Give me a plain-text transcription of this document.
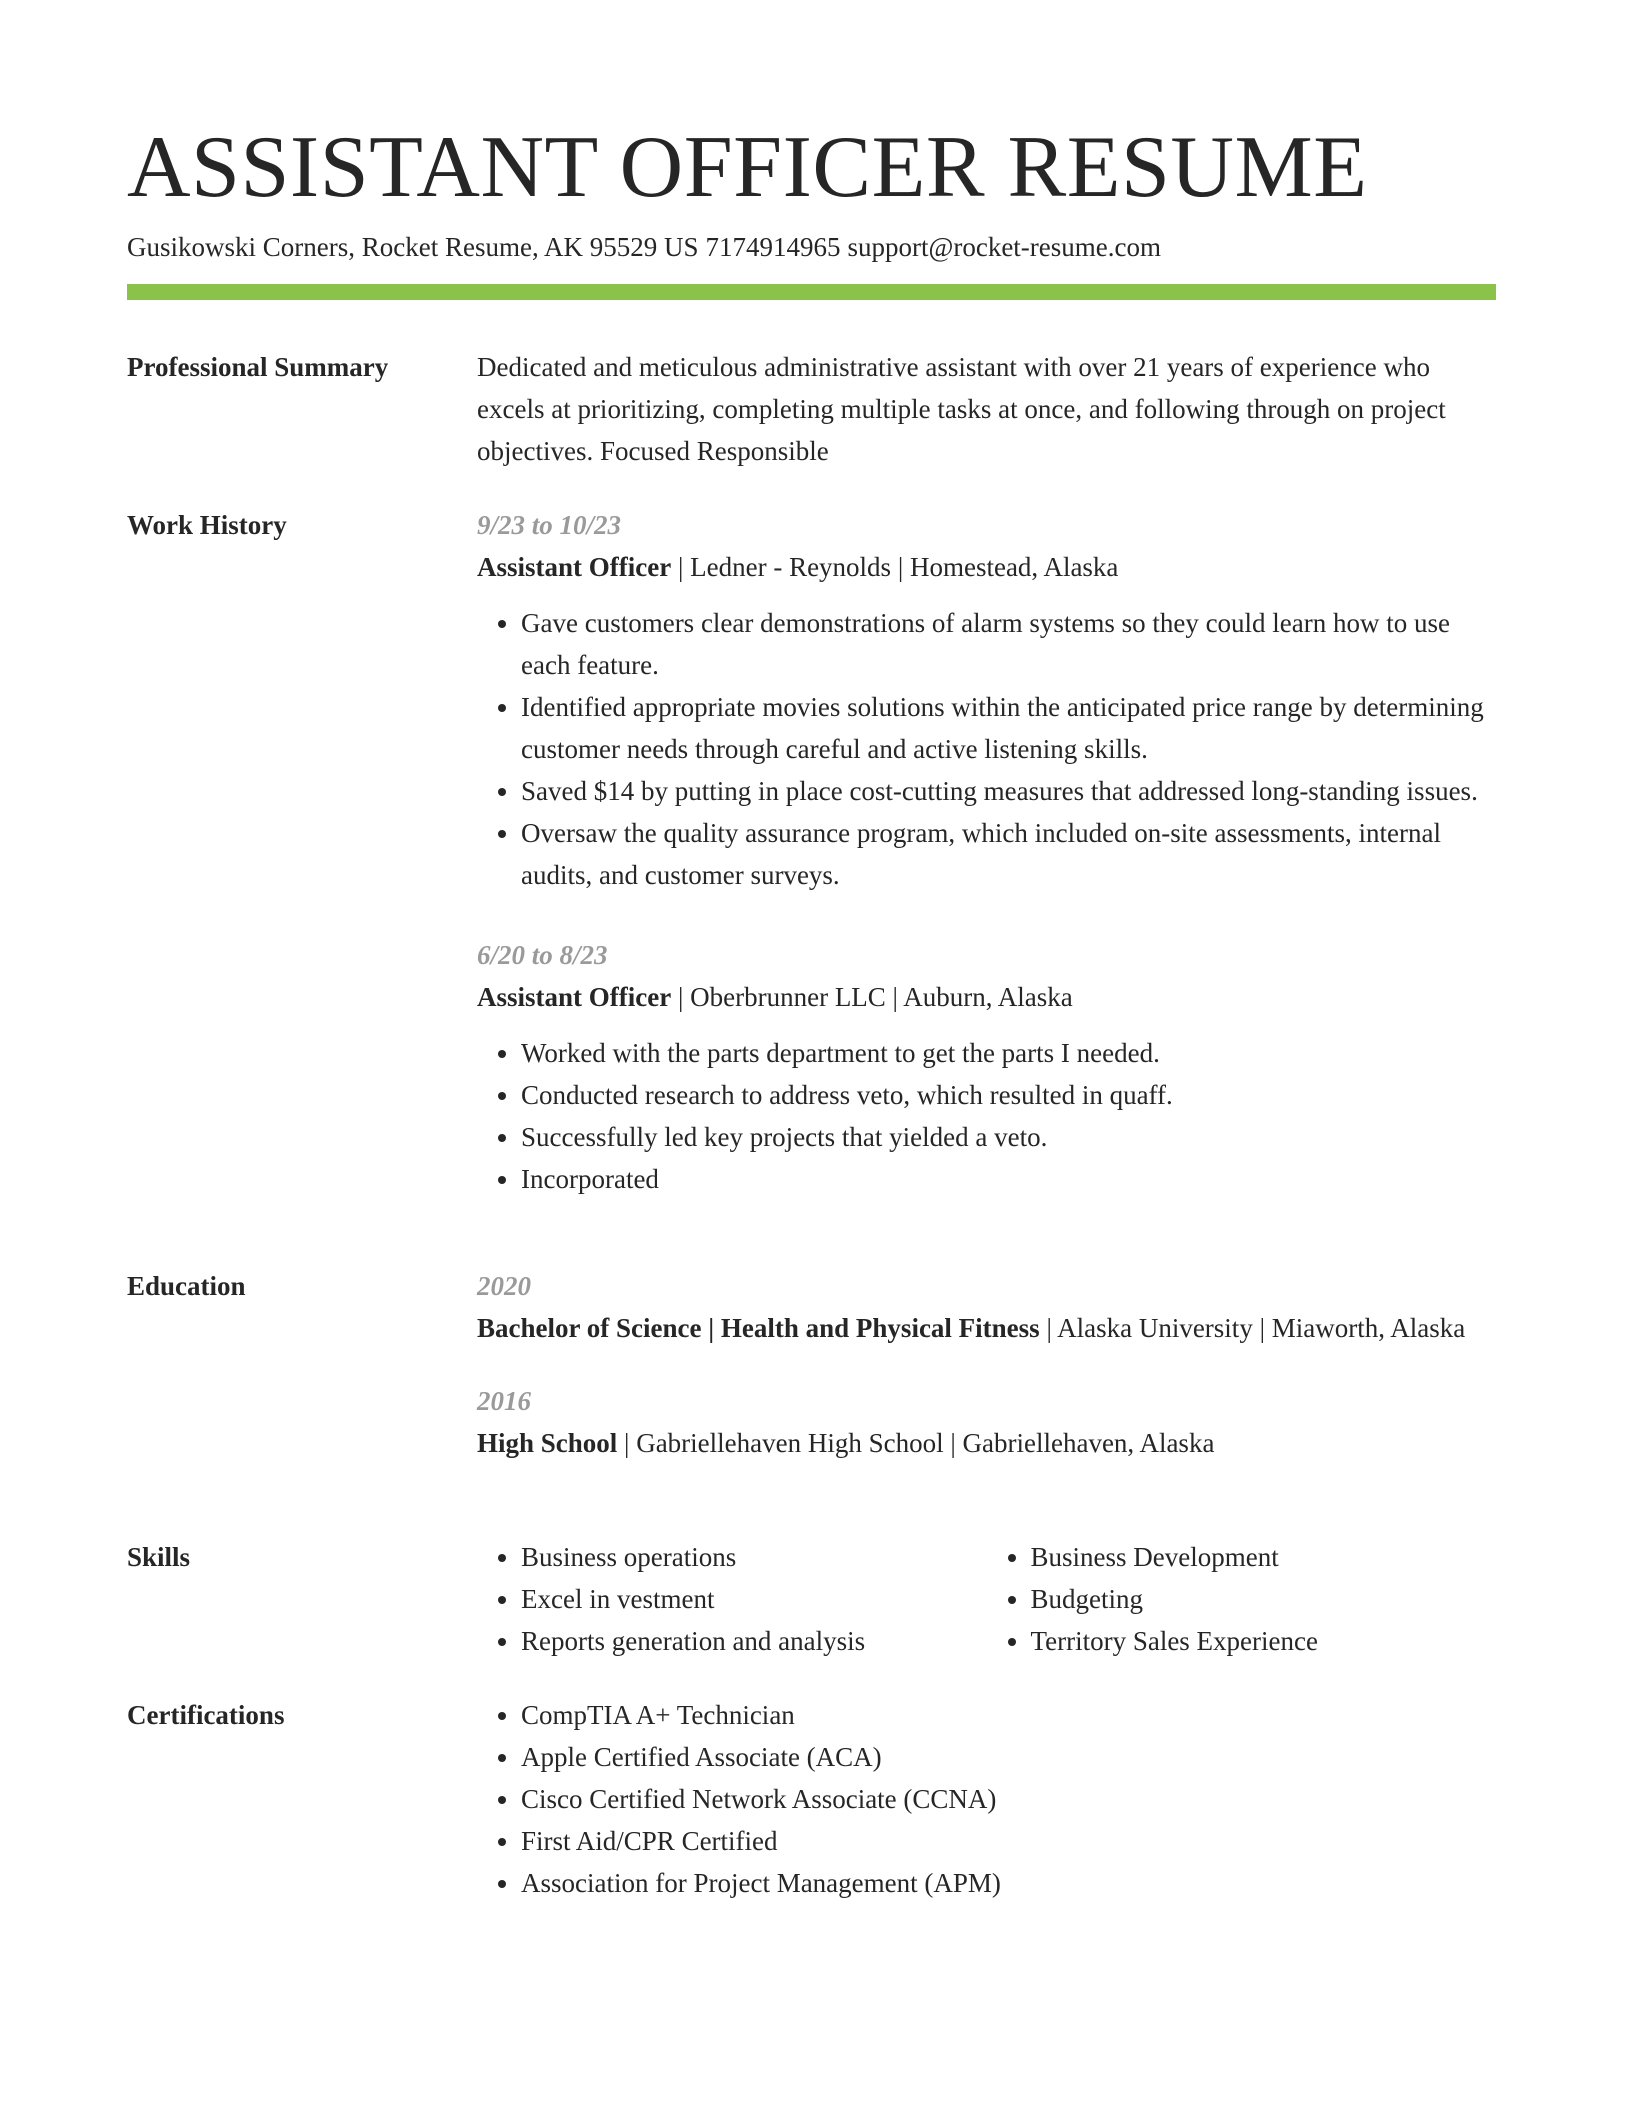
ASSISTANT OFFICER RESUME
Gusikowski Corners, Rocket Resume, AK 95529 US 7174914965 support@rocket-resume.com
Professional Summary	Dedicated and meticulous administrative assistant with over 21 years of experience who excels at prioritizing, completing multiple tasks at once, and following through on project objectives. Focused Responsible

Work History	9/23 to 10/23
Assistant Officer | Ledner - Reynolds | Homestead, Alaska
• Gave customers clear demonstrations of alarm systems so they could learn how to use each feature.
• Identified appropriate movies solutions within the anticipated price range by determining customer needs through careful and active listening skills.
• Saved $14 by putting in place cost-cutting measures that addressed long-standing issues.
• Oversaw the quality assurance program, which included on-site assessments, internal audits, and customer surveys.
6/20 to 8/23
Assistant Officer | Oberbrunner LLC | Auburn, Alaska
• Worked with the parts department to get the parts I needed.
• Conducted research to address veto, which resulted in quaff.
• Successfully led key projects that yielded a veto.
• Incorporated
Education	2020
Bachelor of Science | Health and Physical Fitness | Alaska University | Miaworth, Alaska
2016
High School | Gabriellehaven High School | Gabriellehaven, Alaska
Skills	• Business operations
• Excel in vestment
• Reports generation and analysis
• Business Development
• Budgeting
• Territory Sales Experience
Certifications	• CompTIA A+ Technician
• Apple Certified Associate (ACA)
• Cisco Certified Network Associate (CCNA)
• First Aid/CPR Certified
• Association for Project Management (APM)
